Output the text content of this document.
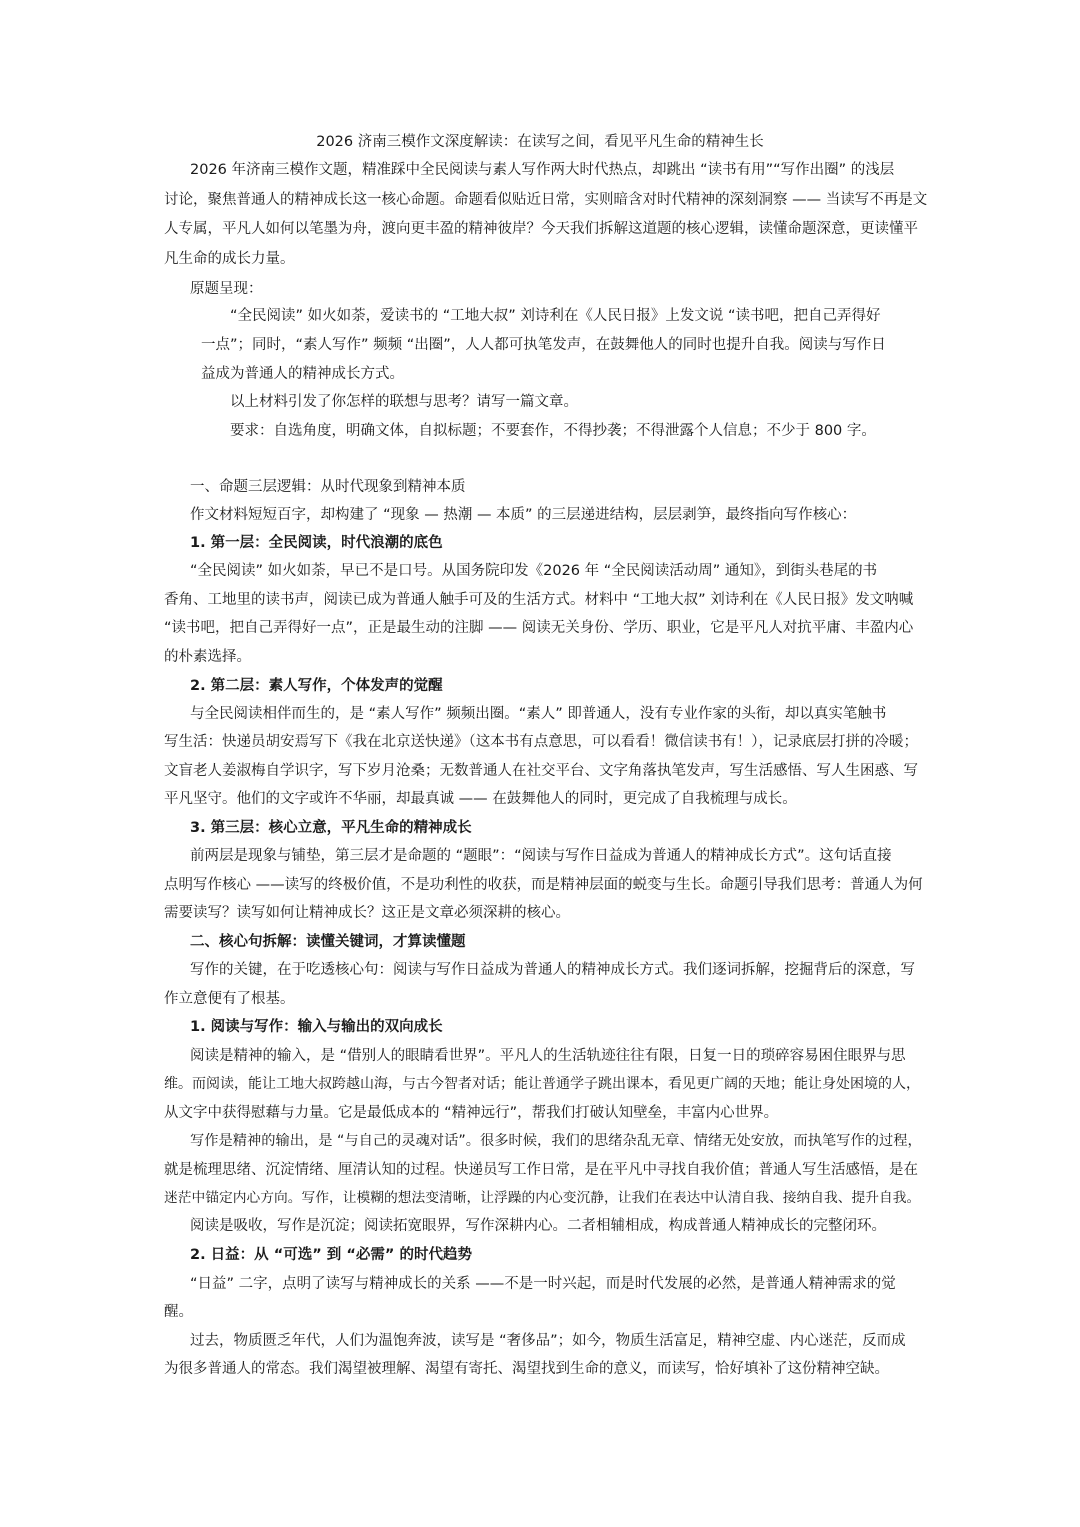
2026 济南三模作文深度解读：在读写之间，看见平凡生命的精神生长
2026 年济南三模作文题，精准踩中全民阅读与素人写作两大时代热点，却跳出 “读书有用”“写作出圈” 的浅层
讨论，聚焦普通人的精神成长这一核心命题。命题看似贴近日常，实则暗含对时代精神的深刻洞察 —— 当读写不再是文
人专属，平凡人如何以笔墨为舟，渡向更丰盈的精神彼岸？今天我们拆解这道题的核心逻辑，读懂命题深意，更读懂平
凡生命的成长力量。
原题呈现：
“全民阅读” 如火如荼，爱读书的 “工地大叔” 刘诗利在《人民日报》上发文说 “读书吧，把自己弄得好
一点”；同时，“素人写作” 频频 “出圈”，人人都可执笔发声，在鼓舞他人的同时也提升自我。阅读与写作日
益成为普通人的精神成长方式。
以上材料引发了你怎样的联想与思考？请写一篇文章。
要求：自选角度，明确文体，自拟标题；不要套作，不得抄袭；不得泄露个人信息；不少于 800 字。
一、命题三层逻辑：从时代现象到精神本质
作文材料短短百字，却构建了 “现象 — 热潮 — 本质” 的三层递进结构，层层剥笋，最终指向写作核心：
1. 第一层：全民阅读，时代浪潮的底色
“全民阅读” 如火如荼，早已不是口号。从国务院印发《2026 年 “全民阅读活动周” 通知》，到街头巷尾的书
香角、工地里的读书声，阅读已成为普通人触手可及的生活方式。材料中 “工地大叔” 刘诗利在《人民日报》发文呐喊
“读书吧，把自己弄得好一点”，正是最生动的注脚 —— 阅读无关身份、学历、职业，它是平凡人对抗平庸、丰盈内心
的朴素选择。
2. 第二层：素人写作，个体发声的觉醒
与全民阅读相伴而生的，是 “素人写作” 频频出圈。“素人” 即普通人，没有专业作家的头衔，却以真实笔触书
写生活：快递员胡安焉写下《我在北京送快递》（这本书有点意思，可以看看！微信读书有！），记录底层打拼的冷暖；
文盲老人姜淑梅自学识字，写下岁月沧桑；无数普通人在社交平台、文字角落执笔发声，写生活感悟、写人生困惑、写
平凡坚守。他们的文字或许不华丽，却最真诚 —— 在鼓舞他人的同时，更完成了自我梳理与成长。
3. 第三层：核心立意，平凡生命的精神成长
前两层是现象与铺垫，第三层才是命题的 “题眼”：“阅读与写作日益成为普通人的精神成长方式”。这句话直接
点明写作核心 ——读写的终极价值，不是功利性的收获，而是精神层面的蜕变与生长。命题引导我们思考：普通人为何
需要读写？读写如何让精神成长？这正是文章必须深耕的核心。
二、核心句拆解：读懂关键词，才算读懂题
写作的关键，在于吃透核心句：阅读与写作日益成为普通人的精神成长方式。我们逐词拆解，挖掘背后的深意，写
作立意便有了根基。
1. 阅读与写作：输入与输出的双向成长
阅读是精神的输入，是 “借别人的眼睛看世界”。平凡人的生活轨迹往往有限，日复一日的琐碎容易困住眼界与思
维。而阅读，能让工地大叔跨越山海，与古今智者对话；能让普通学子跳出课本，看见更广阔的天地；能让身处困境的人，
从文字中获得慰藉与力量。它是最低成本的 “精神远行”，帮我们打破认知壁垒，丰富内心世界。
写作是精神的输出，是 “与自己的灵魂对话”。很多时候，我们的思绪杂乱无章、情绪无处安放，而执笔写作的过程，
就是梳理思绪、沉淀情绪、厘清认知的过程。快递员写工作日常，是在平凡中寻找自我价值；普通人写生活感悟，是在
迷茫中锚定内心方向。写作，让模糊的想法变清晰，让浮躁的内心变沉静，让我们在表达中认清自我、接纳自我、提升自我。
阅读是吸收，写作是沉淀；阅读拓宽眼界，写作深耕内心。二者相辅相成，构成普通人精神成长的完整闭环。
2. 日益：从 “可选” 到 “必需” 的时代趋势
“日益” 二字，点明了读写与精神成长的关系 ——不是一时兴起，而是时代发展的必然，是普通人精神需求的觉
醒。
过去，物质匮乏年代，人们为温饱奔波，读写是 “奢侈品”；如今，物质生活富足，精神空虚、内心迷茫，反而成
为很多普通人的常态。我们渴望被理解、渴望有寄托、渴望找到生命的意义，而读写，恰好填补了这份精神空缺。
